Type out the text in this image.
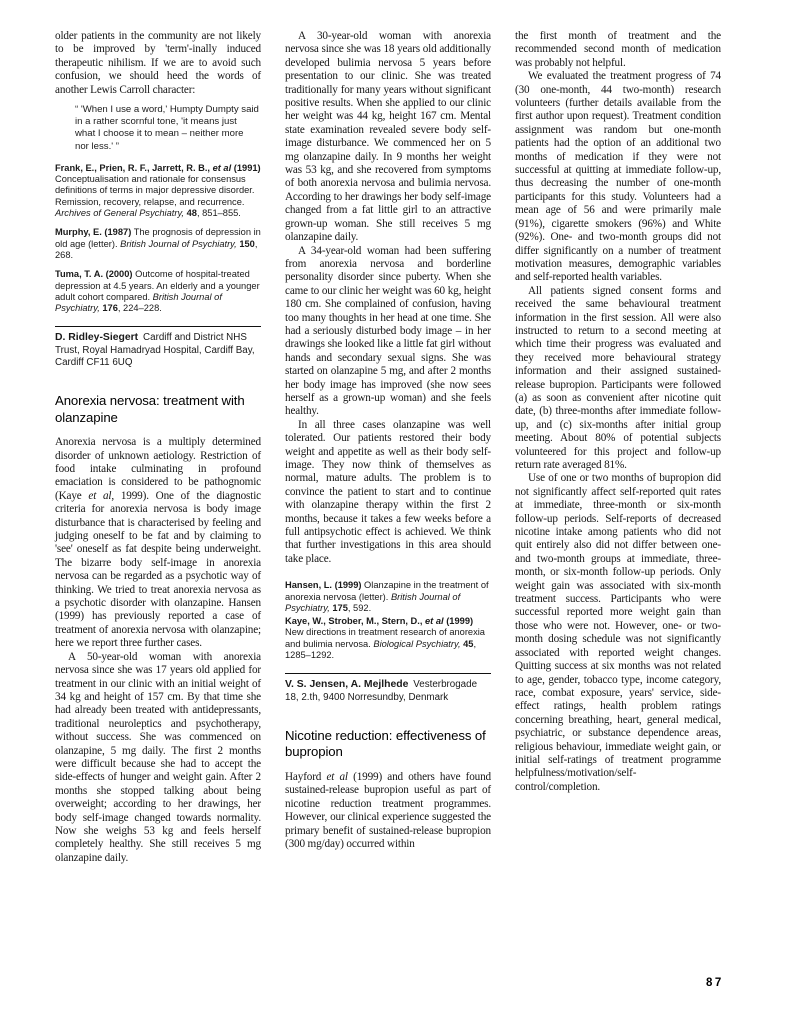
older patients in the community are not likely to be improved by 'term'-inally induced therapeutic nihilism. If we are to avoid such confusion, we should heed the words of another Lewis Carroll character:
“ 'When I use a word,' Humpty Dumpty said in a rather scornful tone, 'it means just what I choose it to mean – neither more nor less.' ”
Frank, E., Prien, R. F., Jarrett, R. B., et al (1991) Conceptualisation and rationale for consensus definitions of terms in major depressive disorder. Remission, recovery, relapse, and recurrence. Archives of General Psychiatry, 48, 851–855.
Murphy, E. (1987) The prognosis of depression in old age (letter). British Journal of Psychiatry, 150, 268.
Tuma, T. A. (2000) Outcome of hospital-treated depression at 4.5 years. An elderly and a younger adult cohort compared. British Journal of Psychiatry, 176, 224–228.
D. Ridley-Siegert Cardiff and District NHS Trust, Royal Hamadryad Hospital, Cardiff Bay, Cardiff CF11 6UQ
Anorexia nervosa: treatment with olanzapine
Anorexia nervosa is a multiply determined disorder of unknown aetiology. Restriction of food intake culminating in profound emaciation is considered to be pathognomic (Kaye et al, 1999). One of the diagnostic criteria for anorexia nervosa is body image disturbance that is characterised by feeling and judging oneself to be fat and by claiming to 'see' oneself as fat despite being underweight. The bizarre body self-image in anorexia nervosa can be regarded as a psychotic way of thinking. We tried to treat anorexia nervosa as a psychotic disorder with olanzapine. Hansen (1999) has previously reported a case of treatment of anorexia nervosa with olanzapine; here we report three further cases.
A 50-year-old woman with anorexia nervosa since she was 17 years old applied for treatment in our clinic with an initial weight of 34 kg and height of 157 cm. By that time she had already been treated with antidepressants, traditional neuroleptics and psychotherapy, without success. She was commenced on olanzapine, 5 mg daily. The first 2 months were difficult because she had to accept the side-effects of hunger and weight gain. After 2 months she stopped talking about being overweight; according to her drawings, her body self-image changed towards normality. Now she weighs 53 kg and feels herself completely healthy. She still receives 5 mg olanzapine daily.
A 30-year-old woman with anorexia nervosa since she was 18 years old additionally developed bulimia nervosa 5 years before presentation to our clinic. She was treated traditionally for many years without significant positive results. When she applied to our clinic her weight was 44 kg, height 167 cm. Mental state examination revealed severe body self-image disturbance. We commenced her on 5 mg olanzapine daily. In 9 months her weight was 53 kg, and she recovered from symptoms of both anorexia nervosa and bulimia nervosa. According to her drawings her body self-image changed from a fat little girl to an attractive grown-up woman. She still receives 5 mg olanzapine daily.
A 34-year-old woman had been suffering from anorexia nervosa and borderline personality disorder since puberty. When she came to our clinic her weight was 60 kg, height 180 cm. She complained of confusion, having too many thoughts in her head at one time. She had a seriously disturbed body image – in her drawings she looked like a little fat girl without hands and secondary sexual signs. She was started on olanzapine 5 mg, and after 2 months her body image has improved (she now sees herself as a grown-up woman) and she feels healthy.
In all three cases olanzapine was well tolerated. Our patients restored their body weight and appetite as well as their body self-image. They now think of themselves as normal, mature adults. The problem is to convince the patient to start and to continue with olanzapine therapy within the first 2 months, because it takes a few weeks before a full antipsychotic effect is achieved. We think that further investigations in this area should take place.
Hansen, L. (1999) Olanzapine in the treatment of anorexia nervosa (letter). British Journal of Psychiatry, 175, 592.
Kaye, W., Strober, M., Stern, D., et al (1999) New directions in treatment research of anorexia and bulimia nervosa. Biological Psychiatry, 45, 1285–1292.
V. S. Jensen, A. Mejlhede Vesterbrogade 18, 2.th, 9400 Norresundby, Denmark
Nicotine reduction: effectiveness of bupropion
Hayford et al (1999) and others have found sustained-release bupropion useful as part of nicotine reduction treatment programmes. However, our clinical experience suggested the primary benefit of sustained-release bupropion (300 mg/day) occurred within
the first month of treatment and the recommended second month of medication was probably not helpful.
We evaluated the treatment progress of 74 (30 one-month, 44 two-month) research volunteers (further details available from the first author upon request). Treatment condition assignment was random but one-month patients had the option of an additional two months of medication if they were not successful at quitting at immediate follow-up, thus decreasing the number of one-month participants for this study. Volunteers had a mean age of 56 and were primarily male (91%), cigarette smokers (96%) and White (92%). One- and two-month groups did not differ significantly on a number of treatment motivation measures, demographic variables and self-reported health variables.
All patients signed consent forms and received the same behavioural treatment information in the first session. All were also instructed to return to a second meeting at which time their progress was evaluated and they received more behavioural strategy information and their assigned sustained-release bupropion. Participants were followed (a) as soon as convenient after nicotine quit date, (b) three-months after immediate follow-up, and (c) six-months after initial group meeting. About 80% of potential subjects volunteered for this project and follow-up return rate averaged 81%.
Use of one or two months of bupropion did not significantly affect self-reported quit rates at immediate, three-month or six-month follow-up periods. Self-reports of decreased nicotine intake among patients who did not quit entirely also did not differ between one- and two-month groups at immediate, three-month, or six-month follow-up periods. Only weight gain was associated with six-month treatment success. Participants who were successful reported more weight gain than those who were not. However, one- or two-month dosing schedule was not significantly associated with reported weight changes. Quitting success at six months was not related to age, gender, tobacco type, income category, race, combat exposure, years' service, side-effect ratings, health problem ratings concerning breathing, heart, general medical, psychiatric, or substance dependence areas, religious behaviour, immediate weight gain, or initial self-ratings of treatment programme helpfulness/motivation/self-control/completion.
87
